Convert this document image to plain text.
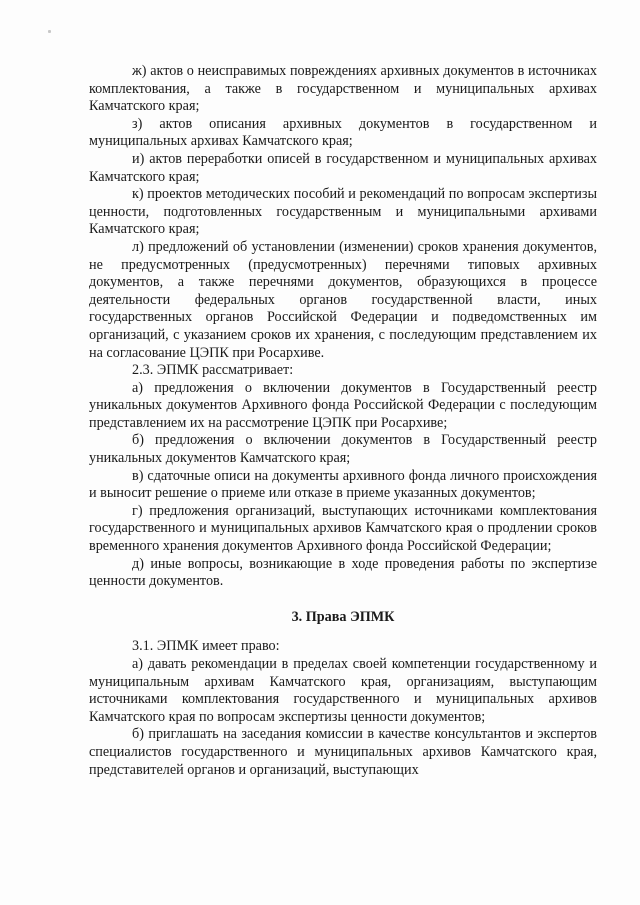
ж) актов о неисправимых повреждениях архивных документов в источниках комплектования, а также в государственном и муниципальных архивах Камчатского края;

з) актов описания архивных документов в государственном и муниципальных архивах Камчатского края;

и) актов переработки описей в государственном и муниципальных архивах Камчатского края;

к) проектов методических пособий и рекомендаций по вопросам экспертизы ценности, подготовленных государственным и муниципальными архивами Камчатского края;

л) предложений об установлении (изменении) сроков хранения документов, не предусмотренных (предусмотренных) перечнями типовых архивных документов, а также перечнями документов, образующихся в процессе деятельности федеральных органов государственной власти, иных государственных органов Российской Федерации и подведомственных им организаций, с указанием сроков их хранения, с последующим представлением их на согласование ЦЭПК при Росархиве.

2.3. ЭПМК рассматривает:

а) предложения о включении документов в Государственный реестр уникальных документов Архивного фонда Российской Федерации с последующим представлением их на рассмотрение ЦЭПК при Росархиве;

б) предложения о включении документов в Государственный реестр уникальных документов Камчатского края;

в) сдаточные описи на документы архивного фонда личного происхождения и выносит решение о приеме или отказе в приеме указанных документов;

г) предложения организаций, выступающих источниками комплектования государственного и муниципальных архивов Камчатского края о продлении сроков временного хранения документов Архивного фонда Российской Федерации;

д) иные вопросы, возникающие в ходе проведения работы по экспертизе ценности документов.

3. Права ЭПМК

3.1. ЭПМК имеет право:

а) давать рекомендации в пределах своей компетенции государственному и муниципальным архивам Камчатского края, организациям, выступающим источниками комплектования государственного и муниципальных архивов Камчатского края по вопросам экспертизы ценности документов;

б) приглашать на заседания комиссии в качестве консультантов и экспертов специалистов государственного и муниципальных архивов Камчатского края, представителей органов и организаций, выступающих
